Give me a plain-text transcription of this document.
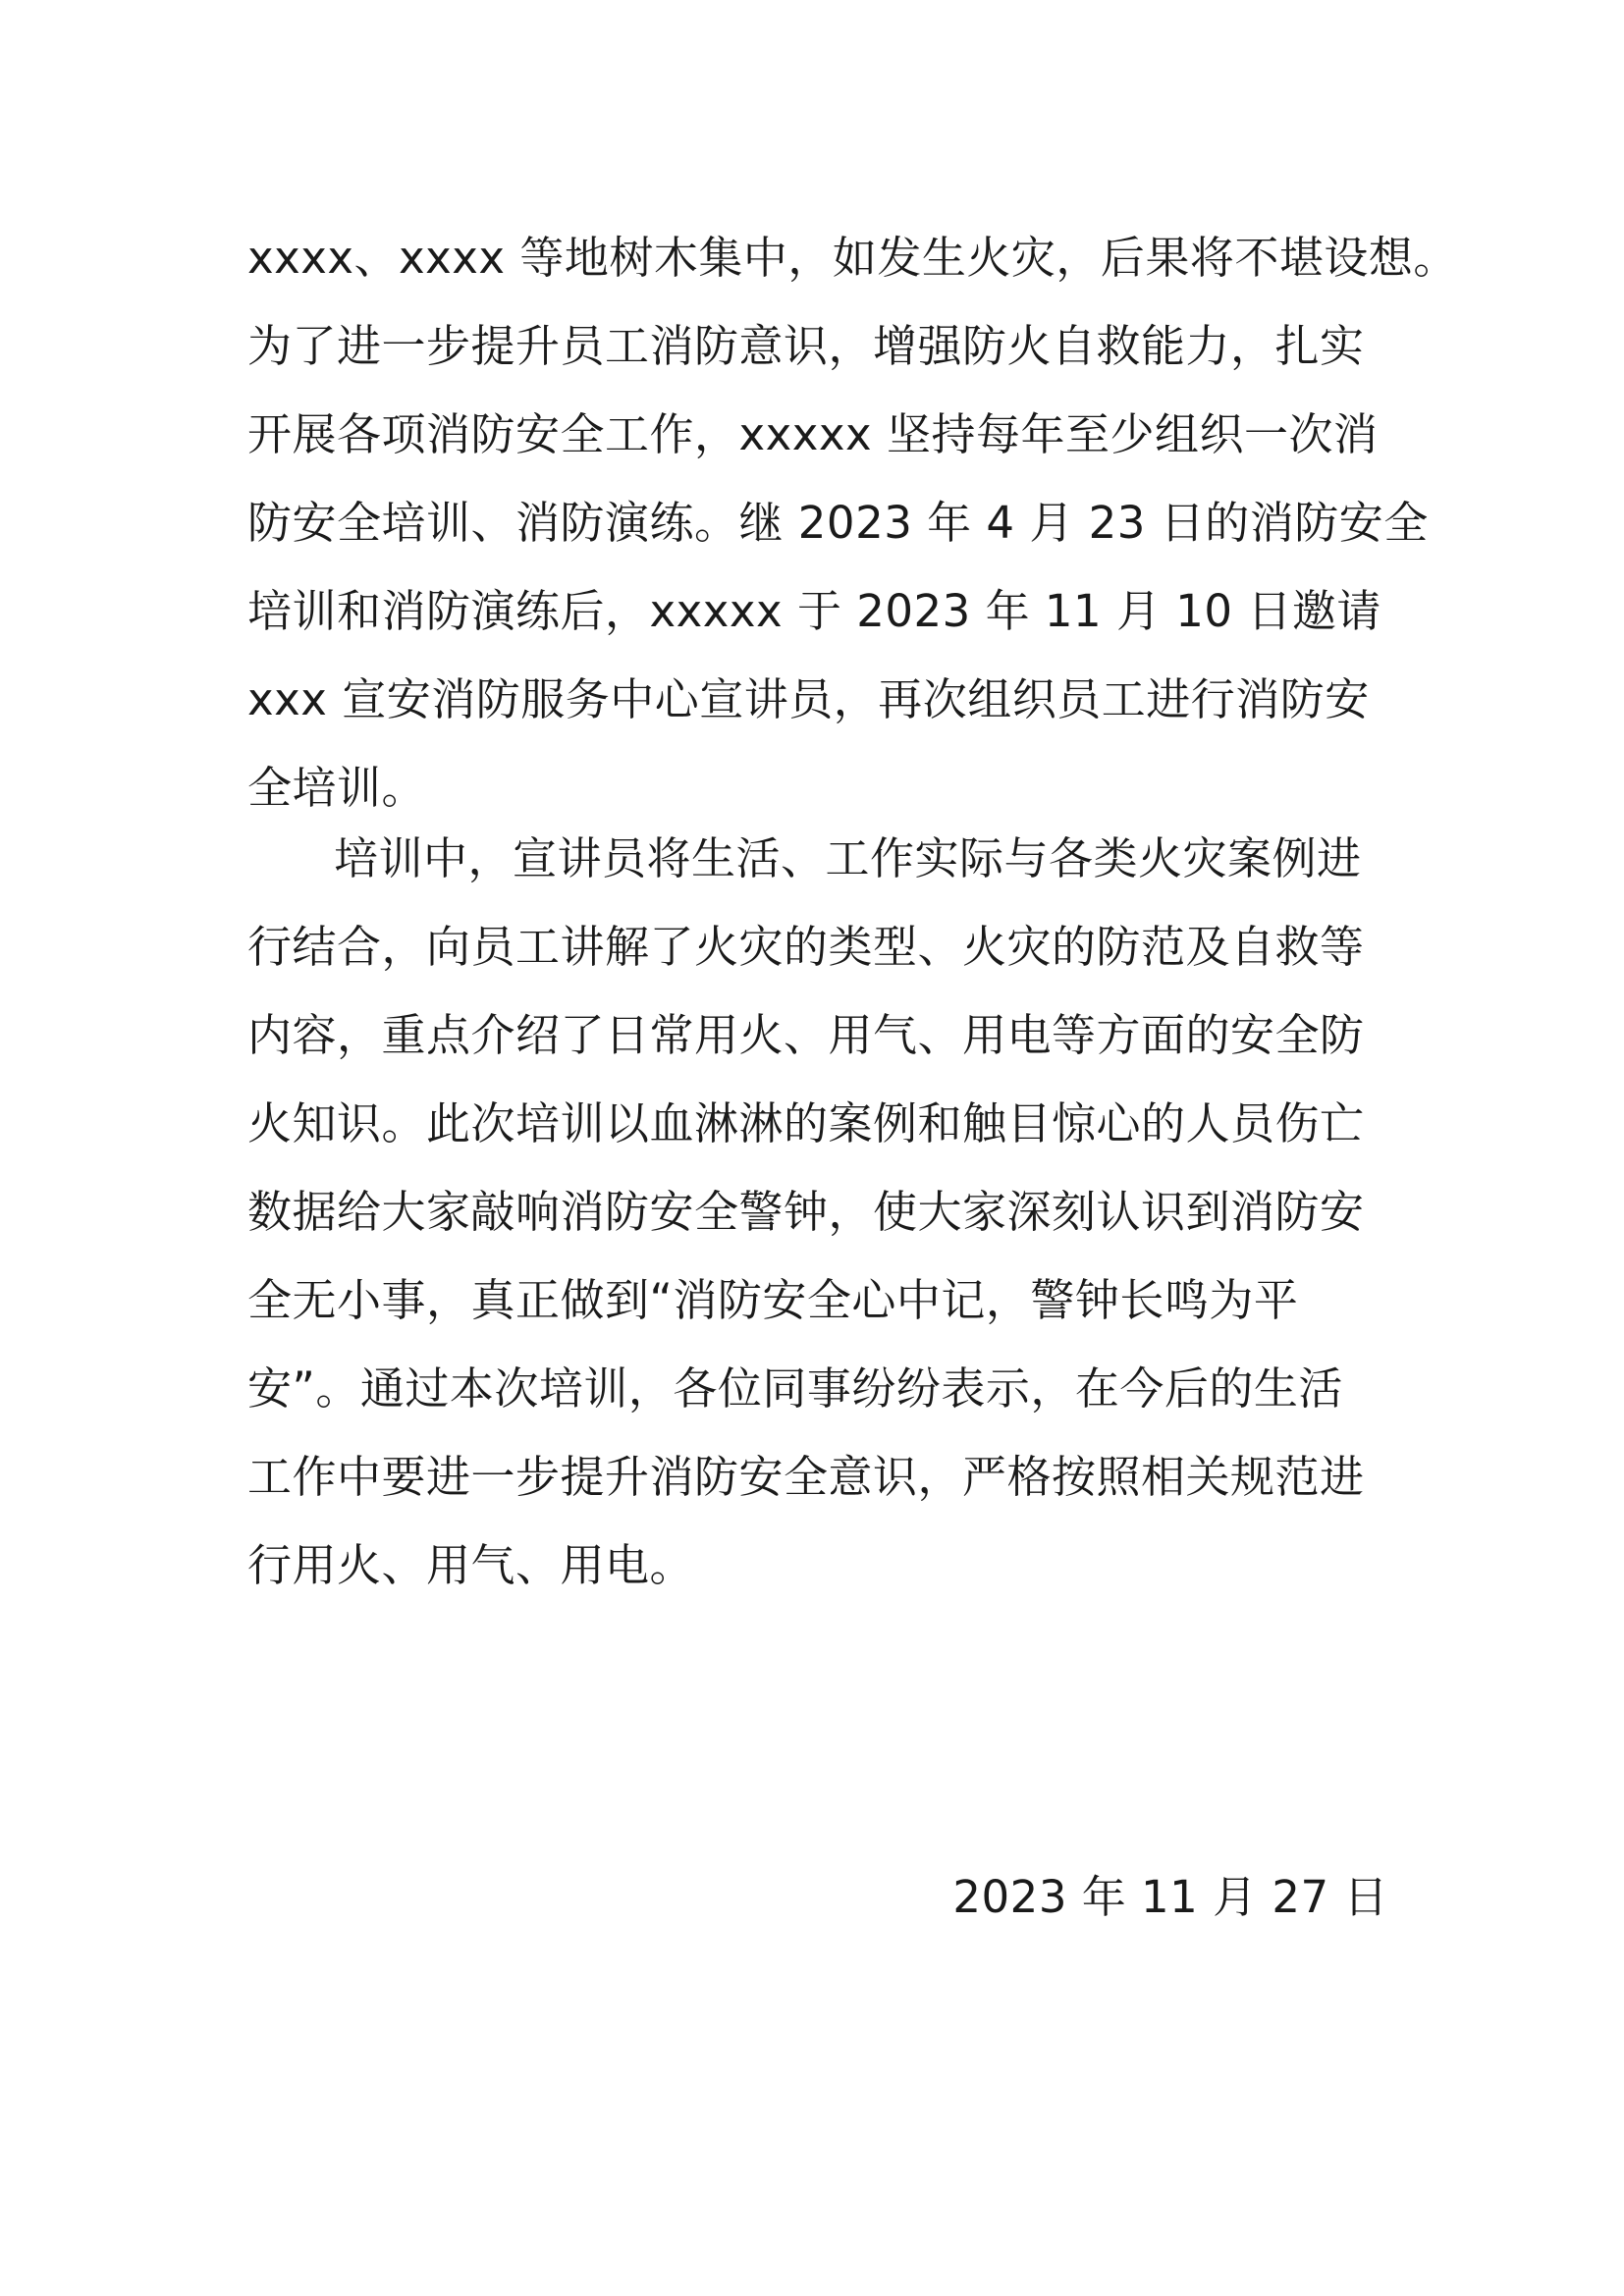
xxxx、xxxx 等地树木集中，如发生火灾，后果将不堪设想。
为了进一步提升员工消防意识，增强防火自救能力，扎实
开展各项消防安全工作，xxxxx 坚持每年至少组织一次消
防安全培训、消防演练。继 2023 年 4 月 23 日的消防安全
培训和消防演练后，xxxxx 于 2023 年 11 月 10 日邀请
xxx 宣安消防服务中心宣讲员，再次组织员工进行消防安
全培训。
培训中，宣讲员将生活、工作实际与各类火灾案例进
行结合，向员工讲解了火灾的类型、火灾的防范及自救等
内容，重点介绍了日常用火、用气、用电等方面的安全防
火知识。此次培训以血淋淋的案例和触目惊心的人员伤亡
数据给大家敲响消防安全警钟，使大家深刻认识到消防安
全无小事，真正做到“消防安全心中记，警钟长鸣为平
安”。通过本次培训，各位同事纷纷表示，在今后的生活
工作中要进一步提升消防安全意识，严格按照相关规范进
行用火、用气、用电。
2023 年 11 月 27 日
